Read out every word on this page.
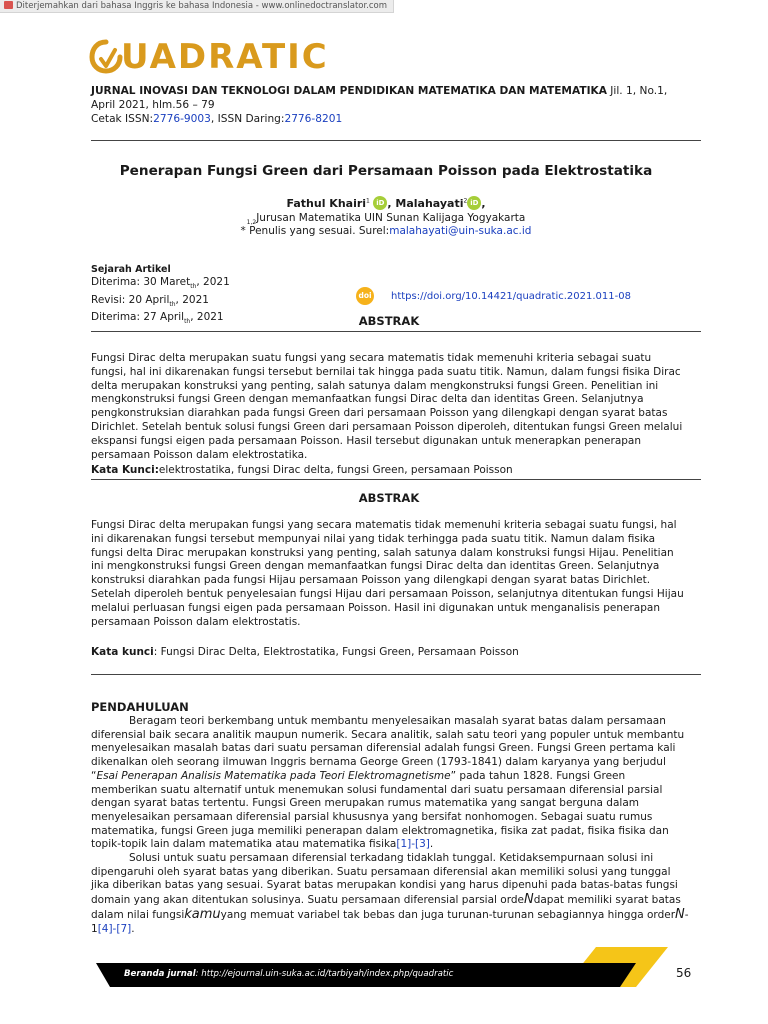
Diterjemahkan dari bahasa Inggris ke bahasa Indonesia - www.onlinedoctranslator.com
UADRATIC
JURNAL INOVASI DAN TEKNOLOGI DALAM PENDIDIKAN MATEMATIKA DAN MATEMATIKA Jil. 1, No.1, April 2021, hlm.56 – 79
Cetak ISSN:2776-9003, ISSN Daring:2776-8201
Penerapan Fungsi Green dari Persamaan Poisson pada Elektrostatika
Fathul Khairi$^1$ iD , Malahayati$^2$ iD ,
$_{1,2}$Jurusan Matematika UIN Sunan Kalijaga Yogyakarta
* Penulis yang sesuai. Surel:malahayati@uin-suka.ac.id
Sejarah Artikel
Diterima: 30 Maret$_{th}$, 2021
Revisi: 20 April$_{th}$, 2021
Diterima: 27 April$_{th}$, 2021
doi https://doi.org/10.14421/quadratic.2021.011-08
ABSTRAK
Fungsi Dirac delta merupakan suatu fungsi yang secara matematis tidak memenuhi kriteria sebagai suatu fungsi, hal ini dikarenakan fungsi tersebut bernilai tak hingga pada suatu titik. Namun, dalam fungsi fisika Dirac delta merupakan konstruksi yang penting, salah satunya dalam mengkonstruksi fungsi Green. Penelitian ini mengkonstruksi fungsi Green dengan memanfaatkan fungsi Dirac delta dan identitas Green. Selanjutnya pengkonstruksian diarahkan pada fungsi Green dari persamaan Poisson yang dilengkapi dengan syarat batas Dirichlet. Setelah bentuk solusi fungsi Green dari persamaan Poisson diperoleh, ditentukan fungsi Green melalui ekspansi fungsi eigen pada persamaan Poisson. Hasil tersebut digunakan untuk menerapkan penerapan persamaan Poisson dalam elektrostatika.
Kata Kunci:elektrostatika, fungsi Dirac delta, fungsi Green, persamaan Poisson
ABSTRAK
Fungsi Dirac delta merupakan fungsi yang secara matematis tidak memenuhi kriteria sebagai suatu fungsi, hal ini dikarenakan fungsi tersebut mempunyai nilai yang tidak terhingga pada suatu titik. Namun dalam fisika fungsi delta Dirac merupakan konstruksi yang penting, salah satunya dalam konstruksi fungsi Hijau. Penelitian ini mengkonstruksi fungsi Green dengan memanfaatkan fungsi Dirac delta dan identitas Green. Selanjutnya konstruksi diarahkan pada fungsi Hijau persamaan Poisson yang dilengkapi dengan syarat batas Dirichlet. Setelah diperoleh bentuk penyelesaian fungsi Hijau dari persamaan Poisson, selanjutnya ditentukan fungsi Hijau melalui perluasan fungsi eigen pada persamaan Poisson. Hasil ini digunakan untuk menganalisis penerapan persamaan Poisson dalam elektrostatis.
Kata kunci: Fungsi Dirac Delta, Elektrostatika, Fungsi Green, Persamaan Poisson
PENDAHULUAN

Beragam teori berkembang untuk membantu menyelesaikan masalah syarat batas dalam persamaan diferensial baik secara analitik maupun numerik. Secara analitik, salah satu teori yang populer untuk membantu menyelesaikan masalah batas dari suatu persaman diferensial adalah fungsi Green. Fungsi Green pertama kali dikenalkan oleh seorang ilmuwan Inggris bernama George Green (1793-1841) dalam karyanya yang berjudul “Esai Penerapan Analisis Matematika pada Teori Elektromagnetisme” pada tahun 1828. Fungsi Green memberikan suatu alternatif untuk menemukan solusi fundamental dari suatu persamaan diferensial parsial dengan syarat batas tertentu. Fungsi Green merupakan rumus matematika yang sangat berguna dalam menyelesaikan persamaan diferensial parsial khususnya yang bersifat nonhomogen. Sebagai suatu rumus matematika, fungsi Green juga memiliki penerapan dalam elektromagnetika, fisika zat padat, fisika fisika dan topik-topik lain dalam matematika atau matematika fisika[1]-[3].

Solusi untuk suatu persamaan diferensial terkadang tidaklah tunggal. Ketidaksempurnaan solusi ini dipengaruhi oleh syarat batas yang diberikan. Suatu persamaan diferensial akan memiliki solusi yang tunggal jika diberikan batas yang sesuai. Syarat batas merupakan kondisi yang harus dipenuhi pada batas-batas fungsi domain yang akan ditentukan solusinya. Suatu persamaan diferensial parsial ordeNdapat memiliki syarat batas dalam nilai fungsikamuyang memuat variabel tak bebas dan juga turunan-turunan sebagiannya hingga orderN-1[4]-[7].

Beranda jurnal: http://ejournal.uin-suka.ac.id/tarbiyah/index.php/quadratic	56
